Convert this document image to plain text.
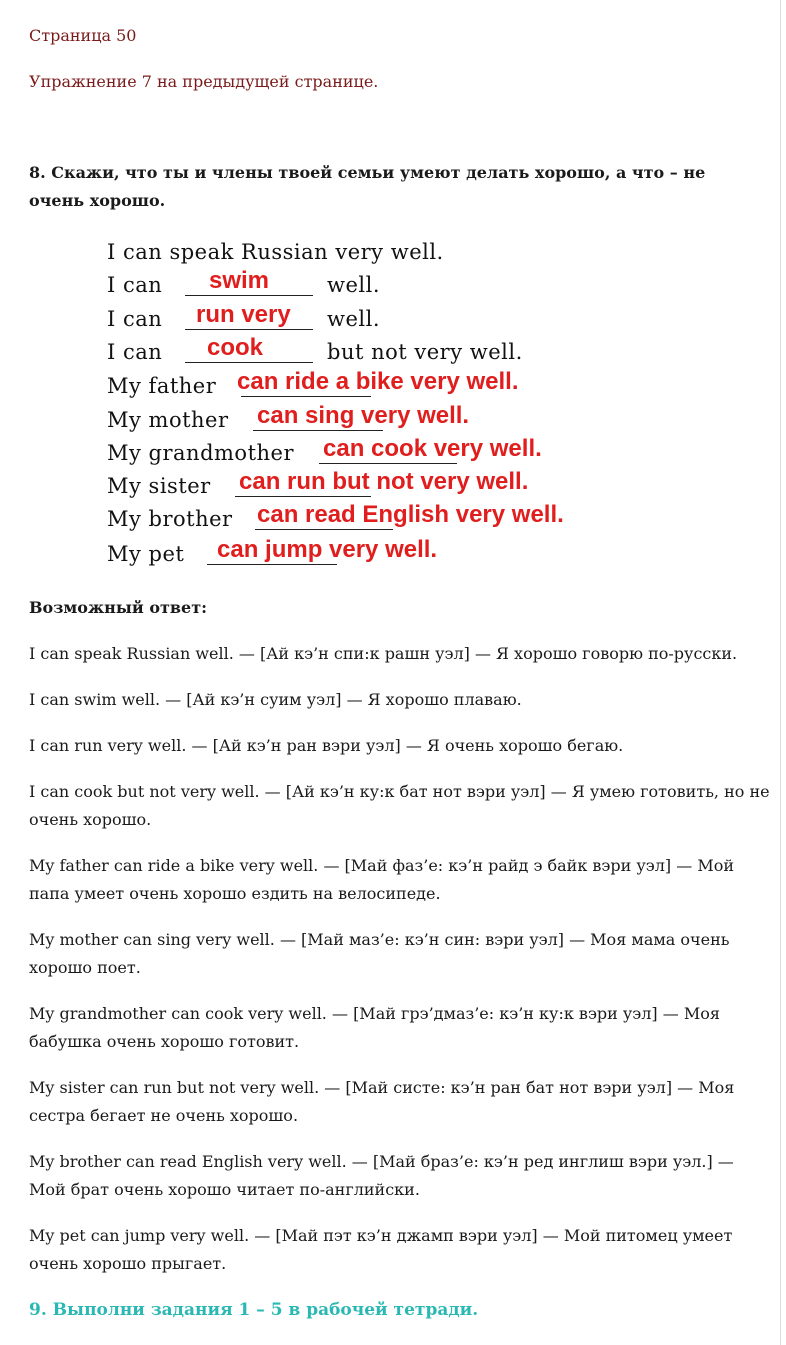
Страница 50

Упражнение 7 на предыдущей странице.

8. Скажи, что ты и члены твоей семьи умеют делать хорошо, а что – не
очень хорошо.

I can speak Russian very well.
I can swim	well.
I can run very well.
I can cook	but not very well.
My father can ride a bike very well.
My mother can sing very well.
My grandmother can cook very well.
My sister can run but not very well.
My brother can read English very well.
My pet can jump very well.

Возможный ответ:

I can speak Russian well. — [Ай кэ’н спи:к рашн уэл] — Я хорошо говорю по-русски.

I can swim well. — [Ай кэ’н суим уэл] — Я хорошо плаваю.

I can run very well. — [Ай кэ’н ран вэри уэл] — Я очень хорошо бегаю.

I can cook but not very well. — [Ай кэ’н ку:к бат нот вэри уэл] — Я умею готовить, но не
очень хорошо.

My father can ride a bike very well. — [Май фаз’е: кэ’н райд э байк вэри уэл] — Мой
папа умеет очень хорошо ездить на велосипеде.

My mother can sing very well. — [Май маз’е: кэ’н син: вэри уэл] — Моя мама очень
хорошо поет.

My grandmother can cook very well. — [Май грэ’дмаз’е: кэ’н ку:к вэри уэл] — Моя
бабушка очень хорошо готовит.

My sister can run but not very well. — [Май систе: кэ’н ран бат нот вэри уэл] — Моя
сестра бегает не очень хорошо.

My brother can read English very well. — [Май браз’е: кэ’н ред инглиш вэри уэл.] —
Мой брат очень хорошо читает по-английски.

My pet can jump very well. — [Май пэт кэ’н джамп вэри уэл] — Мой питомец умеет
очень хорошо прыгает.

9. Выполни задания 1 – 5 в рабочей тетради.
